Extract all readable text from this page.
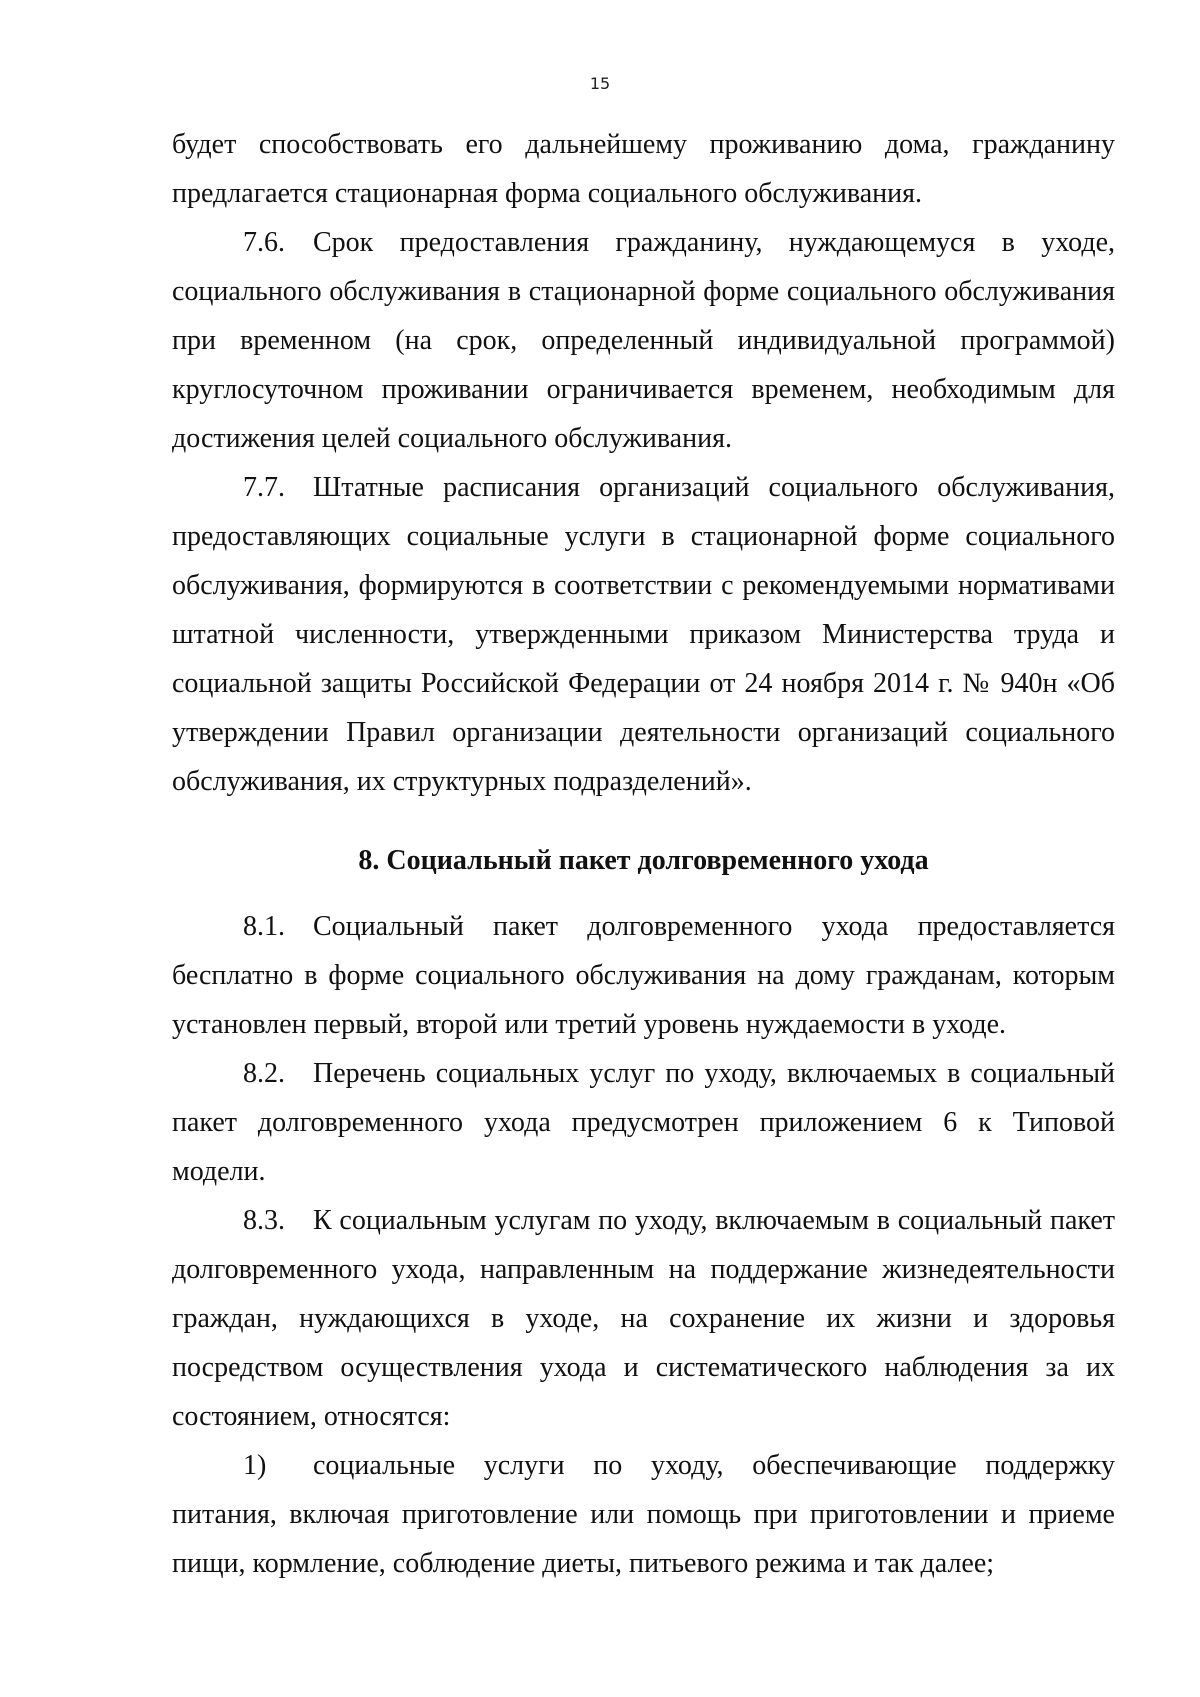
15

будет способствовать его дальнейшему проживанию дома, гражданину предлагается стационарная форма социального обслуживания.

7.6. Срок предоставления гражданину, нуждающемуся в уходе, социального обслуживания в стационарной форме социального обслуживания при временном (на срок, определенный индивидуальной программой) круглосуточном проживании ограничивается временем, необходимым для достижения целей социального обслуживания.

7.7. Штатные расписания организаций социального обслуживания, предоставляющих социальные услуги в стационарной форме социального обслуживания, формируются в соответствии с рекомендуемыми нормативами штатной численности, утвержденными приказом Министерства труда и социальной защиты Российской Федерации от 24 ноября 2014 г. № 940н «Об утверждении Правил организации деятельности организаций социального обслуживания, их структурных подразделений».

8. Социальный пакет долговременного ухода

8.1. Социальный пакет долговременного ухода предоставляется бесплатно в форме социального обслуживания на дому гражданам, которым установлен первый, второй или третий уровень нуждаемости в уходе.

8.2. Перечень социальных услуг по уходу, включаемых в социальный пакет долговременного ухода предусмотрен приложением 6 к Типовой модели.

8.3. К социальным услугам по уходу, включаемым в социальный пакет долговременного ухода, направленным на поддержание жизнедеятельности граждан, нуждающихся в уходе, на сохранение их жизни и здоровья посредством осуществления ухода и систематического наблюдения за их состоянием, относятся:

1) социальные услуги по уходу, обеспечивающие поддержку питания, включая приготовление или помощь при приготовлении и приеме пищи, кормление, соблюдение диеты, питьевого режима и так далее;
